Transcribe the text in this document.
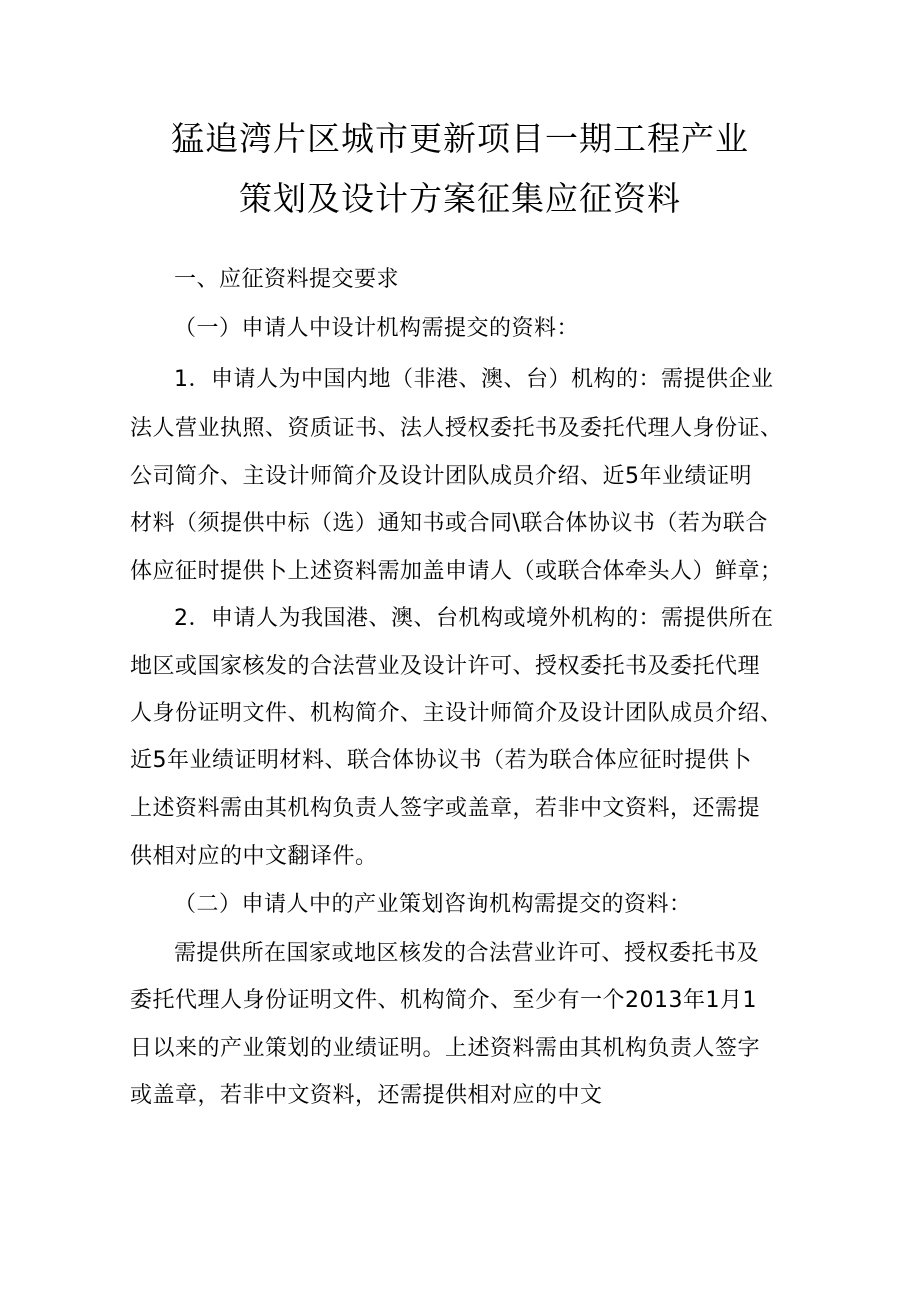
猛追湾片区城市更新项目一期工程产业
策划及设计方案征集应征资料
一、应征资料提交要求
（一）申请人中设计机构需提交的资料：
1．申请人为中国内地（非港、澳、台）机构的：需提供企业
法人营业执照、资质证书、法人授权委托书及委托代理人身份证、
公司简介、主设计师简介及设计团队成员介绍、近5年业绩证明
材料（须提供中标（选）通知书或合同\联合体协议书（若为联合
体应征时提供卜上述资料需加盖申请人（或联合体牵头人）鲜章；
2．申请人为我国港、澳、台机构或境外机构的：需提供所在
地区或国家核发的合法营业及设计许可、授权委托书及委托代理
人身份证明文件、机构简介、主设计师简介及设计团队成员介绍、
近5年业绩证明材料、联合体协议书（若为联合体应征时提供卜
上述资料需由其机构负责人签字或盖章，若非中文资料，还需提
供相对应的中文翻译件。
（二）申请人中的产业策划咨询机构需提交的资料：
需提供所在国家或地区核发的合法营业许可、授权委托书及
委托代理人身份证明文件、机构简介、至少有一个2013年1月1
日以来的产业策划的业绩证明。上述资料需由其机构负责人签字
或盖章，若非中文资料，还需提供相对应的中文
